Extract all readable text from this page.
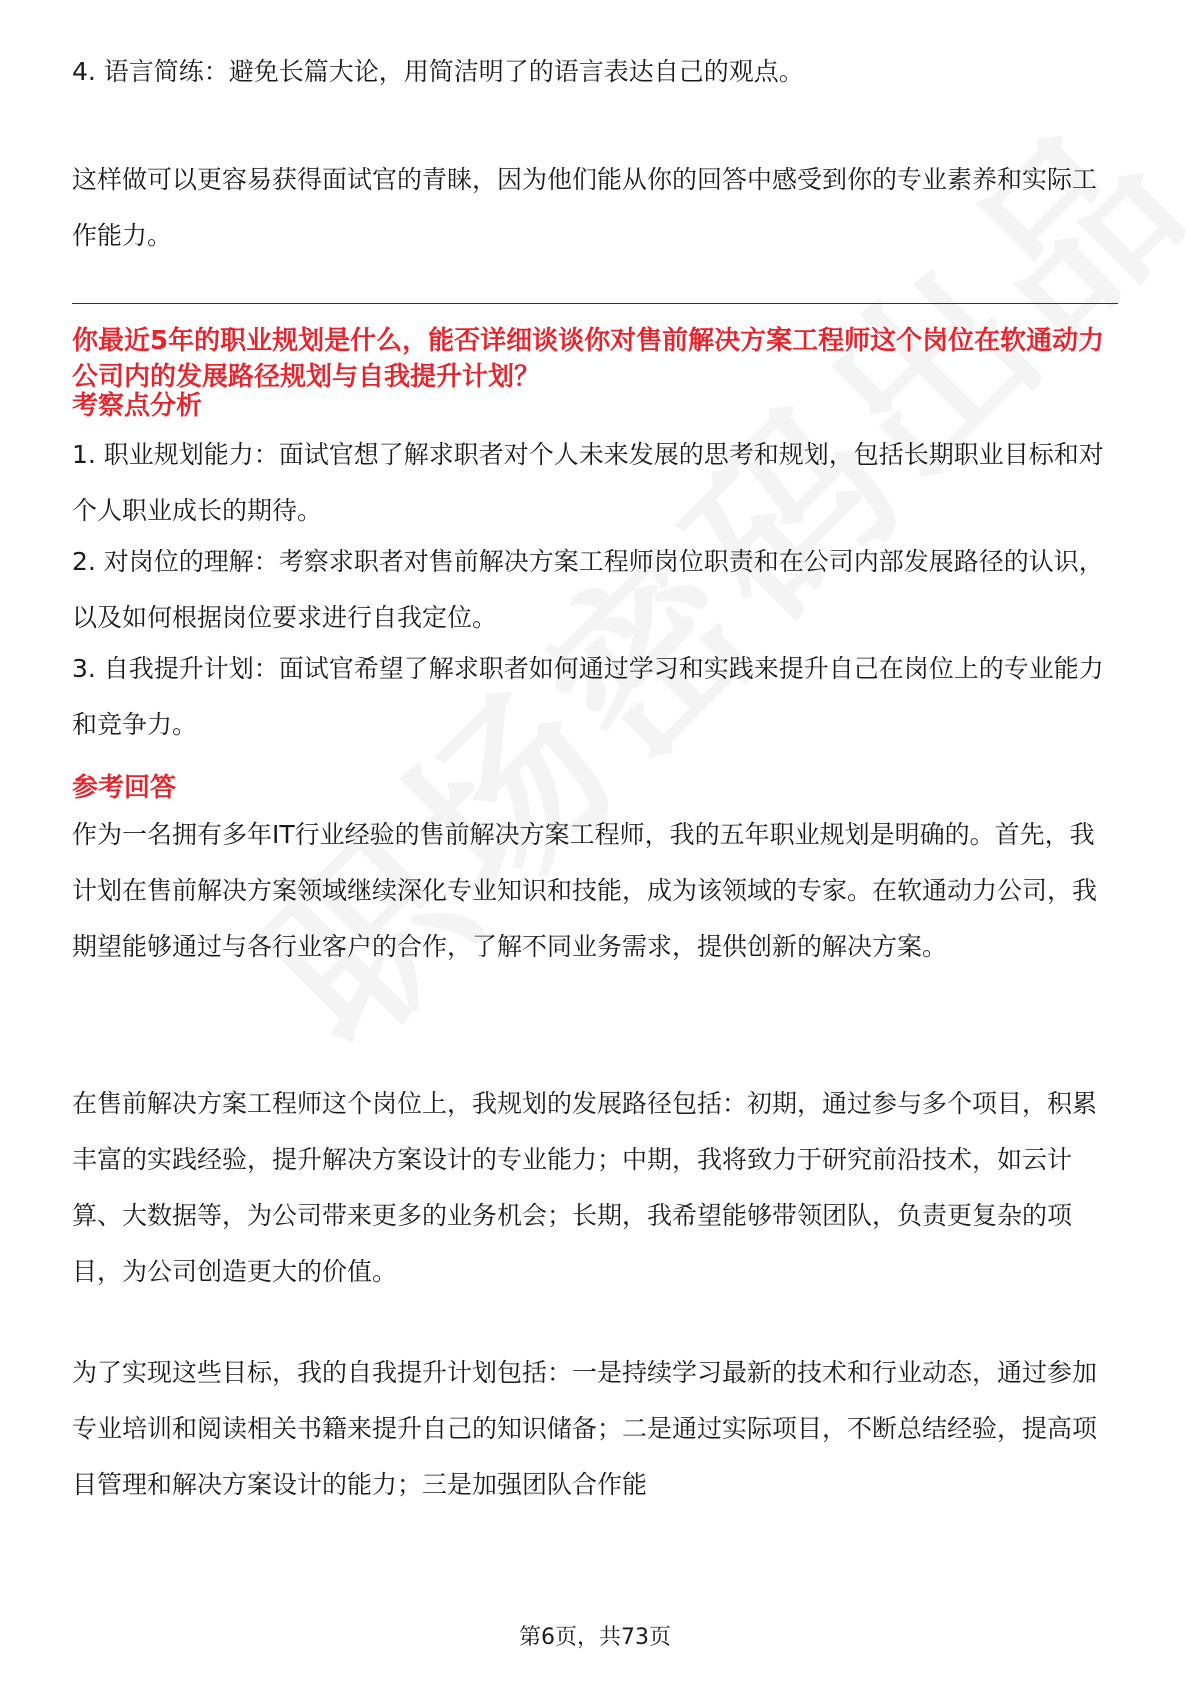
4. 语言简练：避免长篇大论，用简洁明了的语言表达自己的观点。

这样做可以更容易获得面试官的青睐，因为他们能从你的回答中感受到你的专业素养和实际工作能力。

你最近5年的职业规划是什么，能否详细谈谈你对售前解决方案工程师这个岗位在软通动力公司内的发展路径规划与自我提升计划？

考察点分析

1. 职业规划能力：面试官想了解求职者对个人未来发展的思考和规划，包括长期职业目标和对个人职业成长的期待。

2. 对岗位的理解：考察求职者对售前解决方案工程师岗位职责和在公司内部发展路径的认识，以及如何根据岗位要求进行自我定位。

3. 自我提升计划：面试官希望了解求职者如何通过学习和实践来提升自己在岗位上的专业能力和竞争力。

参考回答

作为一名拥有多年IT行业经验的售前解决方案工程师，我的五年职业规划是明确的。首先，我计划在售前解决方案领域继续深化专业知识和技能，成为该领域的专家。在软通动力公司，我期望能够通过与各行业客户的合作，了解不同业务需求，提供创新的解决方案。

在售前解决方案工程师这个岗位上，我规划的发展路径包括：初期，通过参与多个项目，积累丰富的实践经验，提升解决方案设计的专业能力；中期，我将致力于研究前沿技术，如云计算、大数据等，为公司带来更多的业务机会；长期，我希望能够带领团队，负责更复杂的项目，为公司创造更大的价值。

为了实现这些目标，我的自我提升计划包括：一是持续学习最新的技术和行业动态，通过参加专业培训和阅读相关书籍来提升自己的知识储备；二是通过实际项目，不断总结经验，提高项目管理和解决方案设计的能力；三是加强团队合作能

第6页，共73页
